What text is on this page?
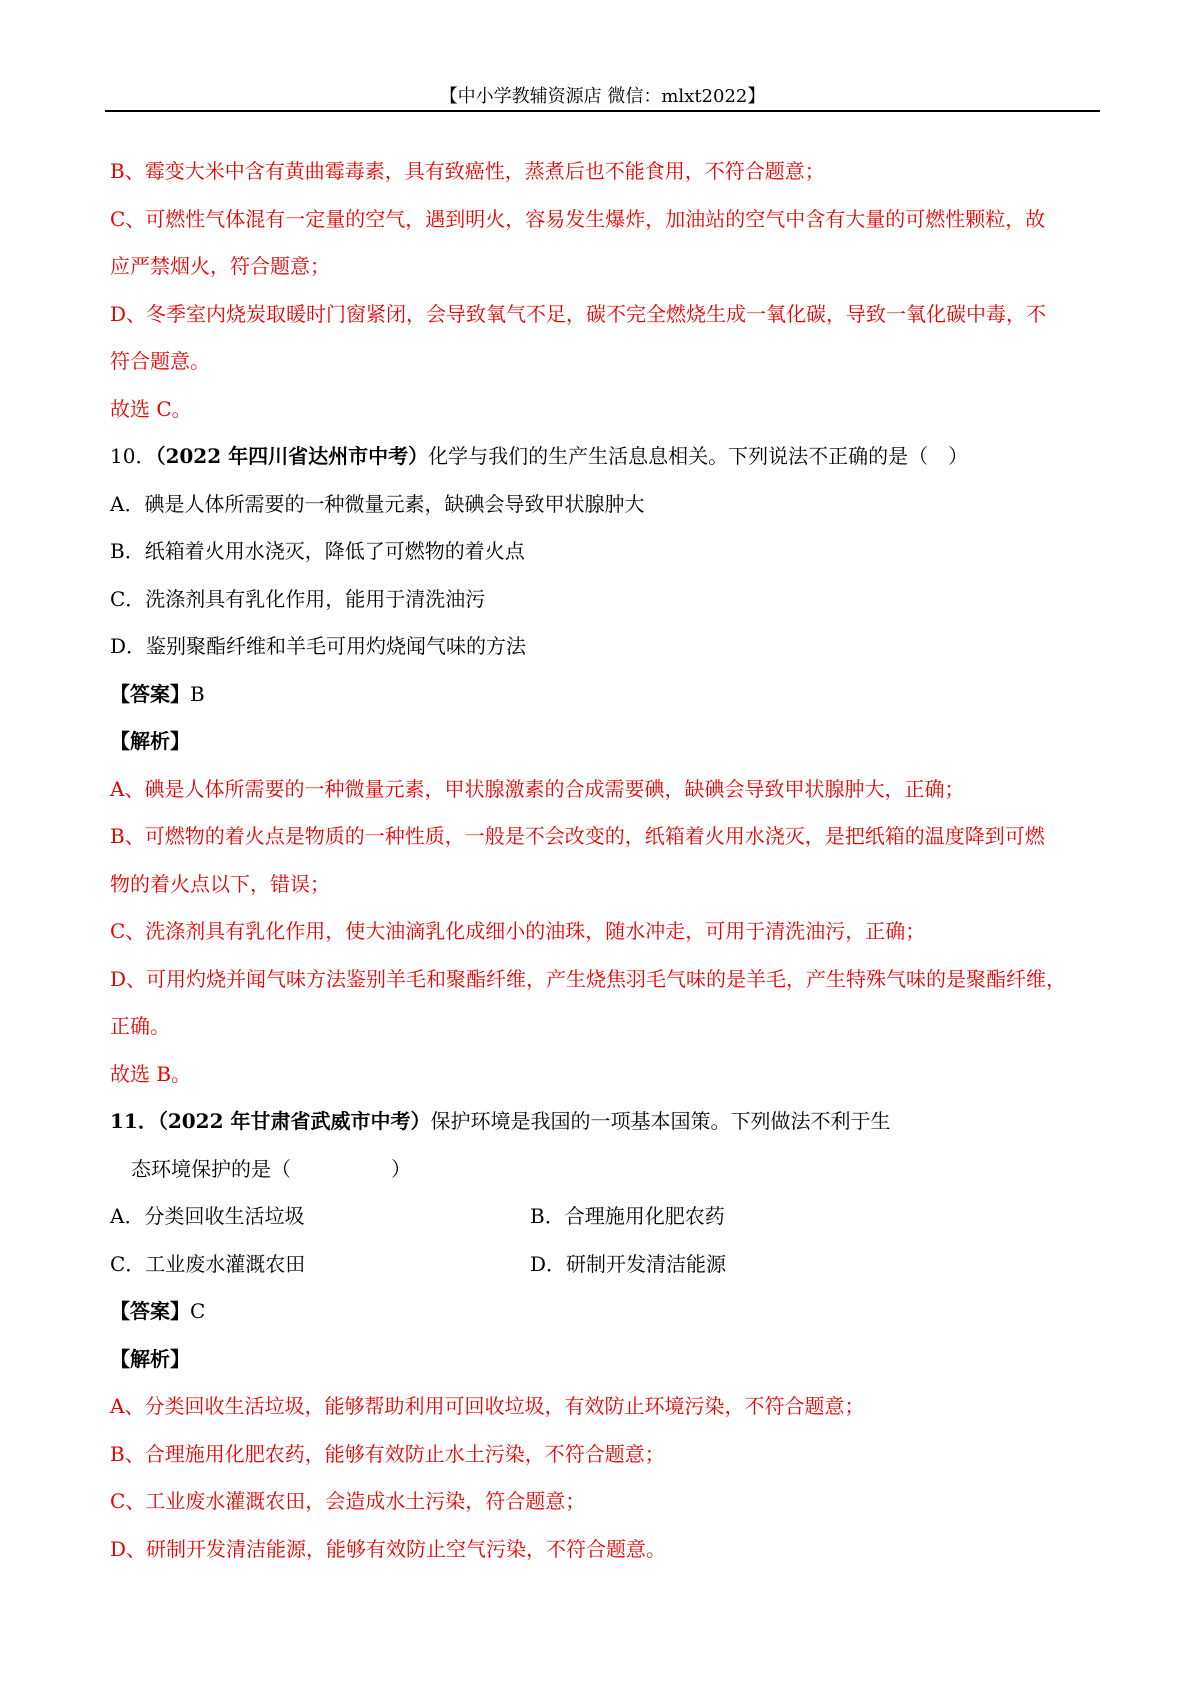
【中小学教辅资源店 微信：mlxt2022】
B、霉变大米中含有黄曲霉毒素，具有致癌性，蒸煮后也不能食用，不符合题意；
C、可燃性气体混有一定量的空气，遇到明火，容易发生爆炸，加油站的空气中含有大量的可燃性颗粒，故
应严禁烟火，符合题意；
D、冬季室内烧炭取暖时门窗紧闭，会导致氧气不足，碳不完全燃烧生成一氧化碳，导致一氧化碳中毒，不
符合题意。
故选 C。
10．（2022 年四川省达州市中考）化学与我们的生产生活息息相关。下列说法不正确的是（　）
A．碘是人体所需要的一种微量元素，缺碘会导致甲状腺肿大
B．纸箱着火用水浇灭，降低了可燃物的着火点
C．洗涤剂具有乳化作用，能用于清洗油污
D．鉴别聚酯纤维和羊毛可用灼烧闻气味的方法
【答案】B
【解析】
A、碘是人体所需要的一种微量元素，甲状腺激素的合成需要碘，缺碘会导致甲状腺肿大，正确；
B、可燃物的着火点是物质的一种性质，一般是不会改变的，纸箱着火用水浇灭，是把纸箱的温度降到可燃
物的着火点以下，错误；
C、洗涤剂具有乳化作用，使大油滴乳化成细小的油珠，随水冲走，可用于清洗油污，正确；
D、可用灼烧并闻气味方法鉴别羊毛和聚酯纤维，产生烧焦羽毛气味的是羊毛，产生特殊气味的是聚酯纤维，
正确。
故选 B。
11．（2022 年甘肃省武威市中考）保护环境是我国的一项基本国策。下列做法不利于生
态环境保护的是（　　　　　）
A．分类回收生活垃圾	B．合理施用化肥农药
C．工业废水灌溉农田	D．研制开发清洁能源
【答案】C
【解析】
A、分类回收生活垃圾，能够帮助利用可回收垃圾，有效防止环境污染，不符合题意；
B、合理施用化肥农药，能够有效防止水土污染，不符合题意；
C、工业废水灌溉农田，会造成水土污染，符合题意；
D、研制开发清洁能源，能够有效防止空气污染，不符合题意。
